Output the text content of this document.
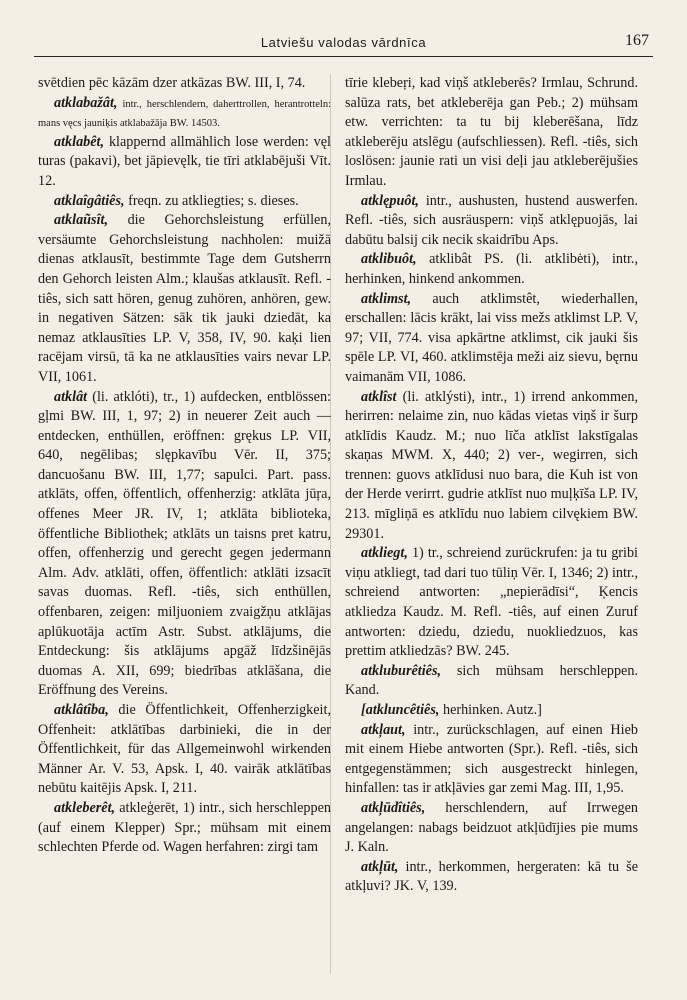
Latviešu valodas vārdnīca	167

svētdien pēc kāzām dzer atkāzas BW. III, I, 74.

atklabažât, intr., herschlendern, daherttrollen, herantrotteln: mans vęcs jauniķis atklabažāja BW. 14503.

atklabêt, klappernd allmählich lose werden: vęl turas (pakavi), bet jāpievęlk, tie tīri atklabējuši Vīt. 12.

atklaîgâtiês, freqn. zu atkliegties; s. dieses.

atklaũsît, die Gehorchsleistung erfüllen, versäumte Gehorchsleistung nachholen: muižā dienas atklausīt, bestimmte Tage dem Gutsherrn den Gehorch leisten Alm.; klaušas atklausīt. Refl. -tiês, sich satt hören, genug zuhören, anhören, gew. in negativen Sätzen: sāk tik jauki dziedāt, ka nemaz atklausīties LP. V, 358, IV, 90. kaķi lien racējam virsū, tā ka ne atklausīties vairs nevar LP. VII, 1061.

atklât (li. atklóti), tr., 1) aufdecken, entblössen: gļmi BW. III, 1, 97; 2) in neuerer Zeit auch — entdecken, enthüllen, eröffnen: grękus LP. VII, 640, negēlibas; slępkavību Vēr. II, 375; dancuošanu BW. III, 1,77; sapulci. Part. pass. atklāts, offen, öffentlich, offenherzig: atklāta jūŗa, offenes Meer JR. IV, 1; atklāta biblioteka, öffentliche Bibliothek; atklāts un taisns pret katru, offen, offenherzig und gerecht gegen jedermann Alm. Adv. atklāti, offen, öffentlich: atklāti izsacīt savas duomas. Refl. -tiês, sich enthüllen, offenbaren, zeigen: miljuoniem zvaigžņu atklājas aplūkuotāja actīm Astr. Subst. atklājums, die Entdeckung: šis atklājums apgāž līdzšinējās duomas A. XII, 699; biedrības atklāšana, die Eröffnung des Vereins.

atklâtîba, die Öffentlichkeit, Offenherzigkeit, Offenheit: atklātības darbinieki, die in der Öffentlichkeit, für das Allgemeinwohl wirkenden Männer Ar. V. 53, Apsk. I, 40. vairāk atklātības nebūtu kaitējis Apsk. I, 211.

atkleberêt, atkleģerēt, 1) intr., sich herschleppen (auf einem Klepper) Spr.; mühsam mit einem schlechten Pferde od. Wagen herfahren: zirgi tam

tīrie klebeŗi, kad viņš atkleberēs? Irmlau, Schrund. salūza rats, bet atkleberēja gan Peb.; 2) mühsam etw. verrichten: ta tu bij kleberēšana, līdz atkleberēju atslēgu (aufschliessen). Refl. -tiês, sich loslösen: jaunie rati un visi deļi jau atkleberējušies Irmlau.

atklępuôt, intr., aushusten, hustend auswerfen. Refl. -tiês, sich ausräuspern: viņš atklępuojās, lai dabūtu balsij cik necik skaidrību Aps.

atklibuôt, atklibât PS. (li. atklibėti), intr., herhinken, hinkend ankommen.

atklimst, auch atklimstêt, wiederhallen, erschallen: lācis krākt, lai viss mežs atklimst LP. V, 97; VII, 774. visa apkārtne atklimst, cik jauki šis spēle LP. VI, 460. atklimstēja meži aiz sievu, bęrnu vaimanām VII, 1086.

atklîst (li. atklýsti), intr., 1) irrend ankommen, herirren: nelaime zin, nuo kādas vietas viņš ir šurp atklīdis Kaudz. M.; nuo līča atklīst lakstīgalas skaņas MWM. X, 440; 2) ver-, wegirren, sich trennen: guovs atklīdusi nuo bara, die Kuh ist von der Herde verirrt. gudrie atklīst nuo muļķīša LP. IV, 213. mīgliņā es atklīdu nuo labiem cilvękiem BW. 29301.

atkliegt, 1) tr., schreiend zurückrufen: ja tu gribi viņu atkliegt, tad dari tuo tūliņ Vēr. I, 1346; 2) intr., schreiend antworten: „nepierādīsi“, Ķencis atkliedza Kaudz. M. Refl. -tiês, auf einen Zuruf antworten: dziedu, dziedu, nuokliedzuos, kas prettim atkliedzās? BW. 245.

atkluburêtiês, sich mühsam herschleppen. Kand.

[atkluncêtiês, herhinken. Autz.]

atkļaut, intr., zurückschlagen, auf einen Hieb mit einem Hiebe antworten (Spr.). Refl. -tiês, sich entgegenstämmen; sich ausgestreckt hinlegen, hinfallen: tas ir atkļāvies gar zemi Mag. III, 1,95.

atkļūdîtiês, herschlendern, auf Irrwegen angelangen: nabags beidzuot atkļūdījies pie mums J. Kaln.

atkļūt, intr., herkommen, hergeraten: kā tu še atkļuvi? JK. V, 139.
